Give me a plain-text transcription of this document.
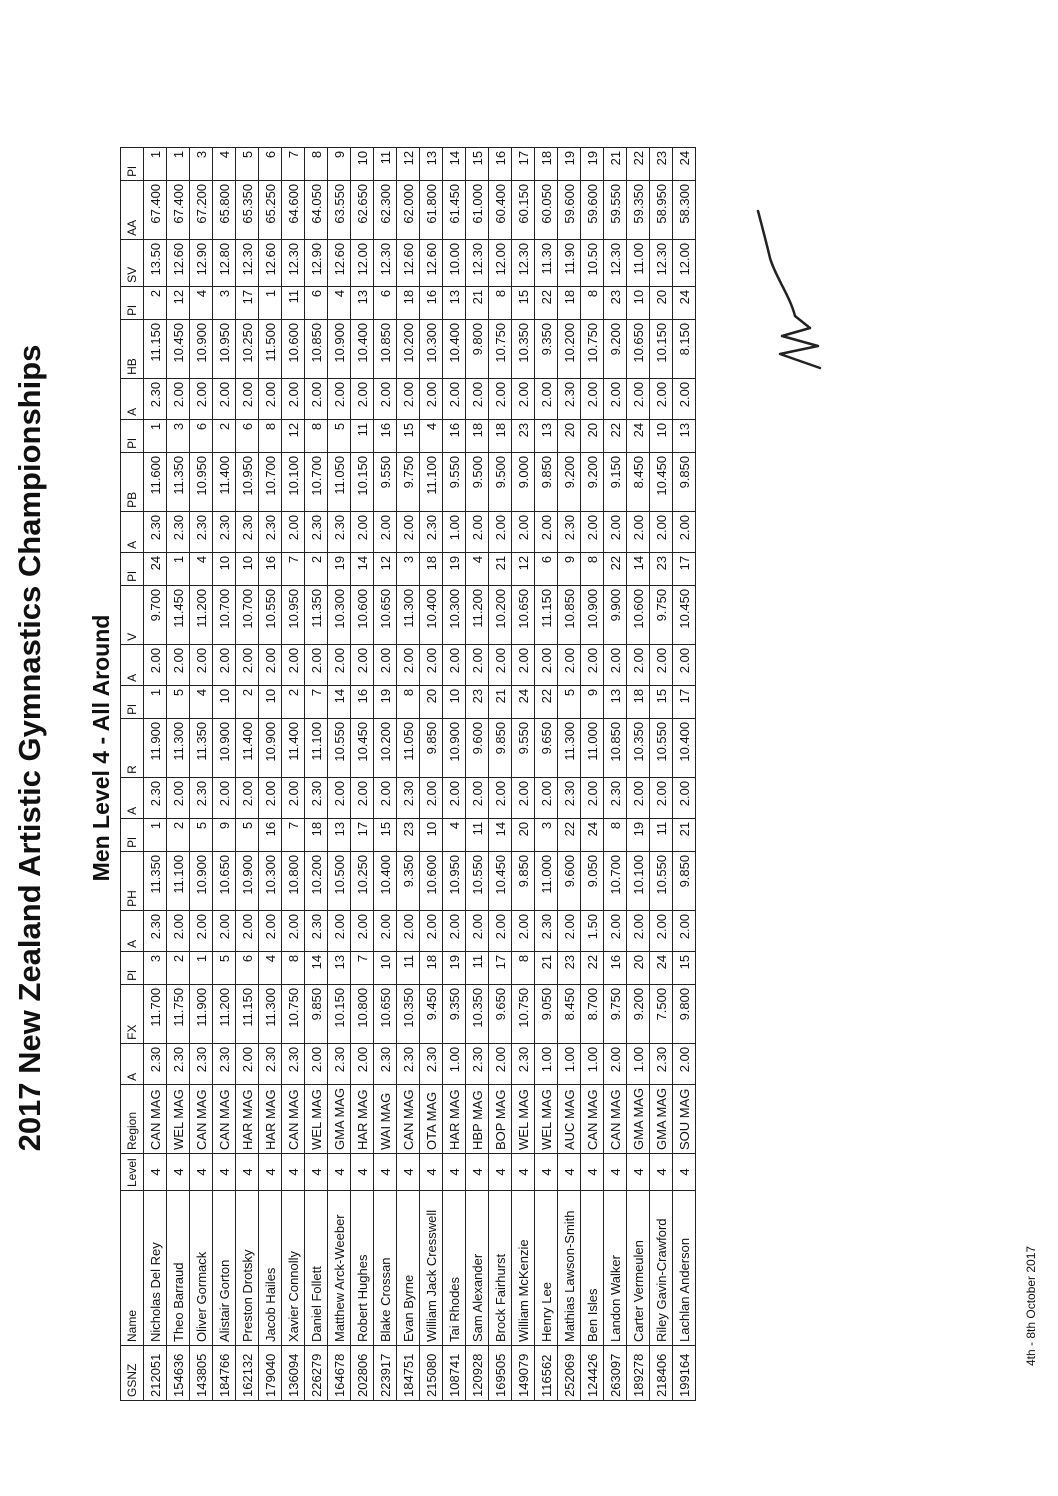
2017 New Zealand Artistic Gymnastics Championships Men Level 4 - All Around
GSNZ	Name	Level	Region	A	FX	Pl	A	PH	Pl	A	R	Pl	A	V	Pl	A	PB	Pl	A	HB	Pl	SV	AA	Pl
212051	Nicholas Del Rey	4	CAN MAG	2.30	11.700	3	2.30	11.350	1	2.30	11.900	1	2.00	9.700	24	2.30	11.600	1	2.30	11.150	2	13.50	67.400	1
154636	Theo Barraud	4	WEL MAG	2.30	11.750	2	2.00	11.100	2	2.00	11.300	5	2.00	11.450	1	2.30	11.350	3	2.00	10.450	12	12.60	67.400	1
143805	Oliver Gormack	4	CAN MAG	2.30	11.900	1	2.00	10.900	5	2.30	11.350	4	2.00	11.200	4	2.30	10.950	6	2.00	10.900	4	12.90	67.200	3
184766	Alistair Gorton	4	CAN MAG	2.30	11.200	5	2.00	10.650	9	2.00	10.900	10	2.00	10.700	10	2.30	11.400	2	2.00	10.950	3	12.80	65.800	4
162132	Preston Drotsky	4	HAR MAG	2.00	11.150	6	2.00	10.900	5	2.00	11.400	2	2.00	10.700	10	2.30	10.950	6	2.00	10.250	17	12.30	65.350	5
179040	Jacob Hailes	4	HAR MAG	2.30	11.300	4	2.00	10.300	16	2.00	10.900	10	2.00	10.550	16	2.30	10.700	8	2.00	11.500	1	12.60	65.250	6
136094	Xavier Connolly	4	CAN MAG	2.30	10.750	8	2.00	10.800	7	2.00	11.400	2	2.00	10.950	7	2.00	10.100	12	2.00	10.600	11	12.30	64.600	7
226279	Daniel Follett	4	WEL MAG	2.00	9.850	14	2.30	10.200	18	2.30	11.100	7	2.00	11.350	2	2.30	10.700	8	2.00	10.850	6	12.90	64.050	8
164678	Matthew Arck-Weeber	4	GMA MAG	2.30	10.150	13	2.00	10.500	13	2.00	10.550	14	2.00	10.300	19	2.30	11.050	5	2.00	10.900	4	12.60	63.550	9
202806	Robert Hughes	4	HAR MAG	2.00	10.800	7	2.00	10.250	17	2.00	10.450	16	2.00	10.600	14	2.00	10.150	11	2.00	10.400	13	12.00	62.650	10
223917	Blake Crossan	4	WAI MAG	2.30	10.650	10	2.00	10.400	15	2.00	10.200	19	2.00	10.650	12	2.00	9.550	16	2.00	10.850	6	12.30	62.300	11
184751	Evan Byrne	4	CAN MAG	2.30	10.350	11	2.00	9.350	23	2.30	11.050	8	2.00	11.300	3	2.00	9.750	15	2.00	10.200	18	12.60	62.000	12
215080	William Jack Cresswell	4	OTA MAG	2.30	9.450	18	2.00	10.600	10	2.00	9.850	20	2.00	10.400	18	2.30	11.100	4	2.00	10.300	16	12.60	61.800	13
108741	Tai Rhodes	4	HAR MAG	1.00	9.350	19	2.00	10.950	4	2.00	10.900	10	2.00	10.300	19	1.00	9.550	16	2.00	10.400	13	10.00	61.450	14
120928	Sam Alexander	4	HBP MAG	2.30	10.350	11	2.00	10.550	11	2.00	9.600	23	2.00	11.200	4	2.00	9.500	18	2.00	9.800	21	12.30	61.000	15
169505	Brock Fairhurst	4	BOP MAG	2.00	9.650	17	2.00	10.450	14	2.00	9.850	21	2.00	10.200	21	2.00	9.500	18	2.00	10.750	8	12.00	60.400	16
149079	William McKenzie	4	WEL MAG	2.30	10.750	8	2.00	9.850	20	2.00	9.550	24	2.00	10.650	12	2.00	9.000	23	2.00	10.350	15	12.30	60.150	17
116562	Henry Lee	4	WEL MAG	1.00	9.050	21	2.30	11.000	3	2.00	9.650	22	2.00	11.150	6	2.00	9.850	13	2.00	9.350	22	11.30	60.050	18
252069	Mathias Lawson-Smith	4	AUC MAG	1.00	8.450	23	2.00	9.600	22	2.30	11.300	5	2.00	10.850	9	2.30	9.200	20	2.30	10.200	18	11.90	59.600	19
124426	Ben Isles	4	CAN MAG	1.00	8.700	22	1.50	9.050	24	2.00	11.000	9	2.00	10.900	8	2.00	9.200	20	2.00	10.750	8	10.50	59.600	19
263097	Landon Walker	4	CAN MAG	2.00	9.750	16	2.00	10.700	8	2.30	10.850	13	2.00	9.900	22	2.00	9.150	22	2.00	9.200	23	12.30	59.550	21
189278	Carter Vermeulen	4	GMA MAG	1.00	9.200	20	2.00	10.100	19	2.00	10.350	18	2.00	10.600	14	2.00	8.450	24	2.00	10.650	10	11.00	59.350	22
218406	Riley Gavin-Crawford	4	GMA MAG	2.30	7.500	24	2.00	10.550	11	2.00	10.550	15	2.00	9.750	23	2.00	10.450	10	2.00	10.150	20	12.30	58.950	23
199164	Lachlan Anderson	4	SOU MAG	2.00	9.800	15	2.00	9.850	21	2.00	10.400	17	2.00	10.450	17	2.00	9.850	13	2.00	8.150	24	12.00	58.300	24
4th - 8th October 2017
